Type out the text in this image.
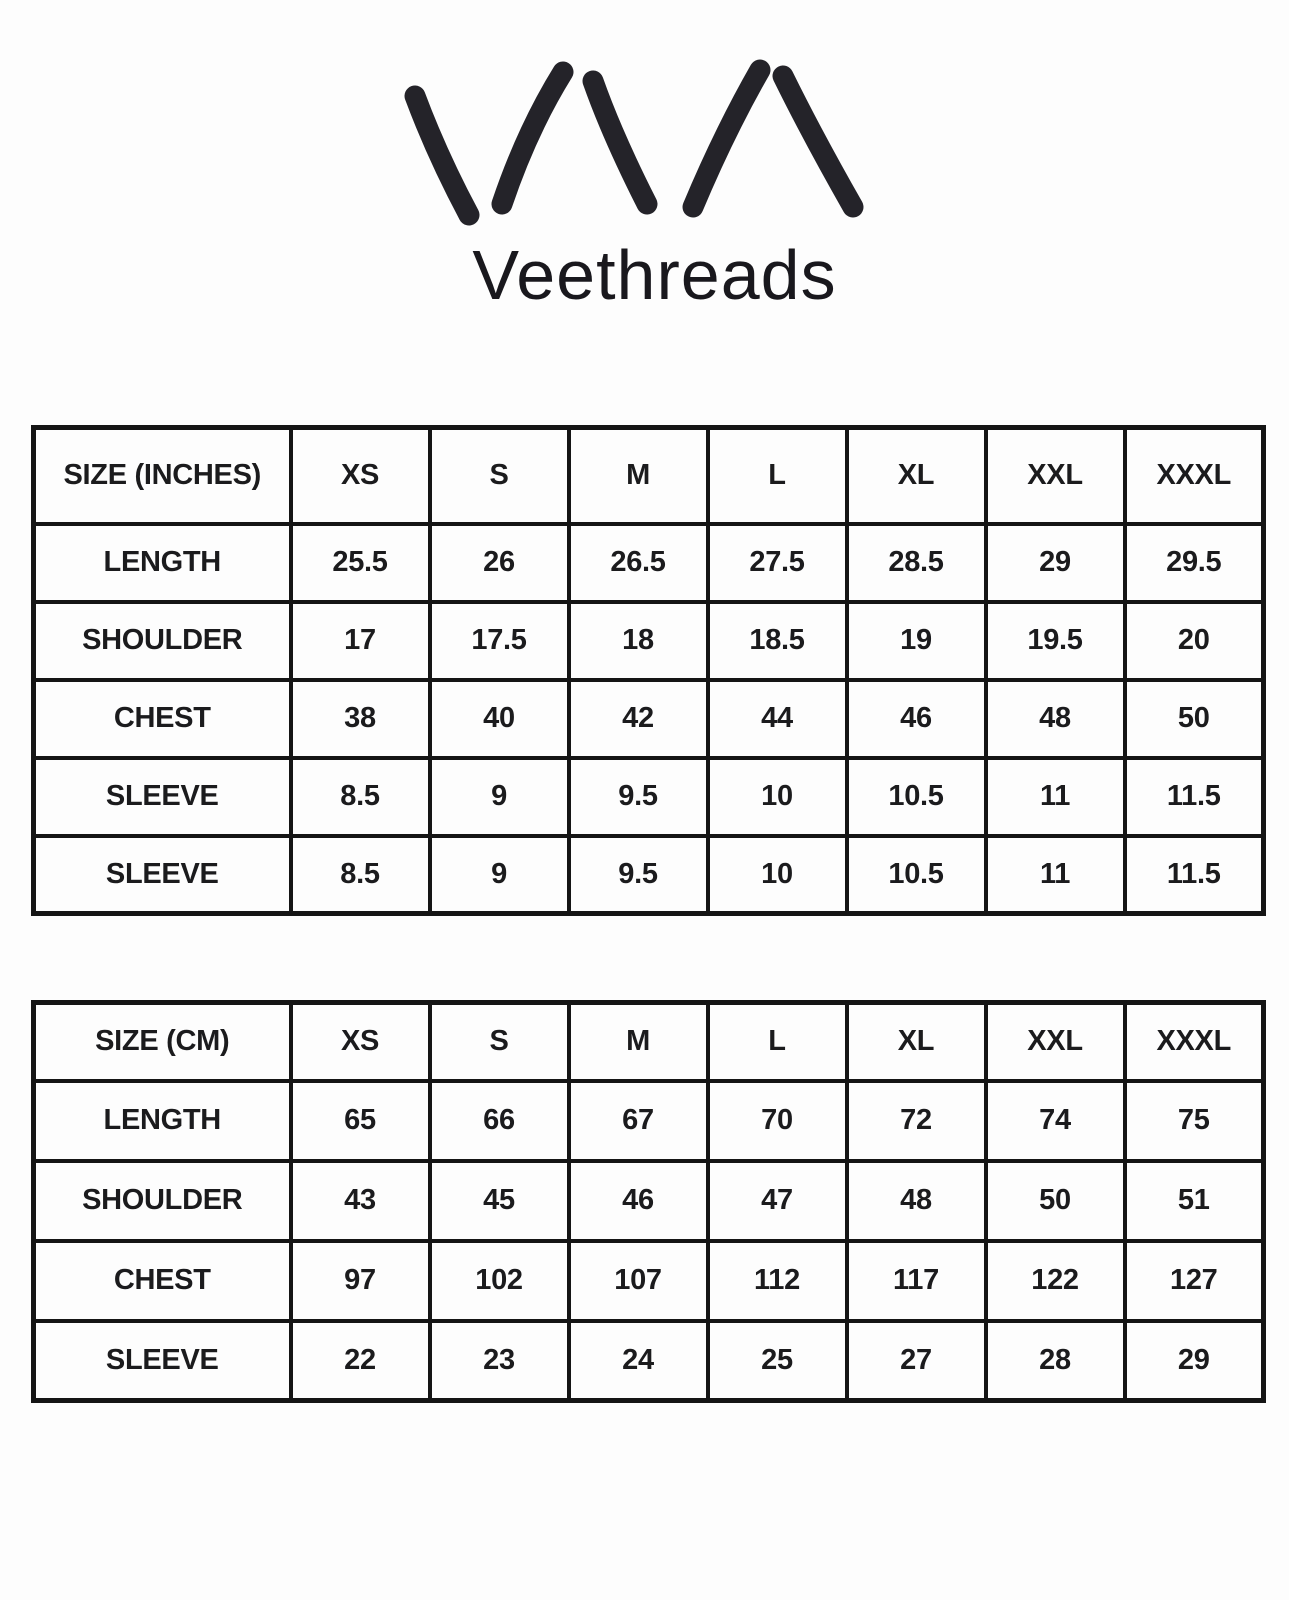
Veethreads
SIZE (INCHES)	XS	S	M	L	XL	XXL	XXXL
LENGTH	25.5	26	26.5	27.5	28.5	29	29.5
SHOULDER	17	17.5	18	18.5	19	19.5	20
CHEST	38	40	42	44	46	48	50
SLEEVE	8.5	9	9.5	10	10.5	11	11.5
SLEEVE	8.5	9	9.5	10	10.5	11	11.5
SIZE (CM)	XS	S	M	L	XL	XXL	XXXL
LENGTH	65	66	67	70	72	74	75
SHOULDER	43	45	46	47	48	50	51
CHEST	97	102	107	112	117	122	127
SLEEVE	22	23	24	25	27	28	29
